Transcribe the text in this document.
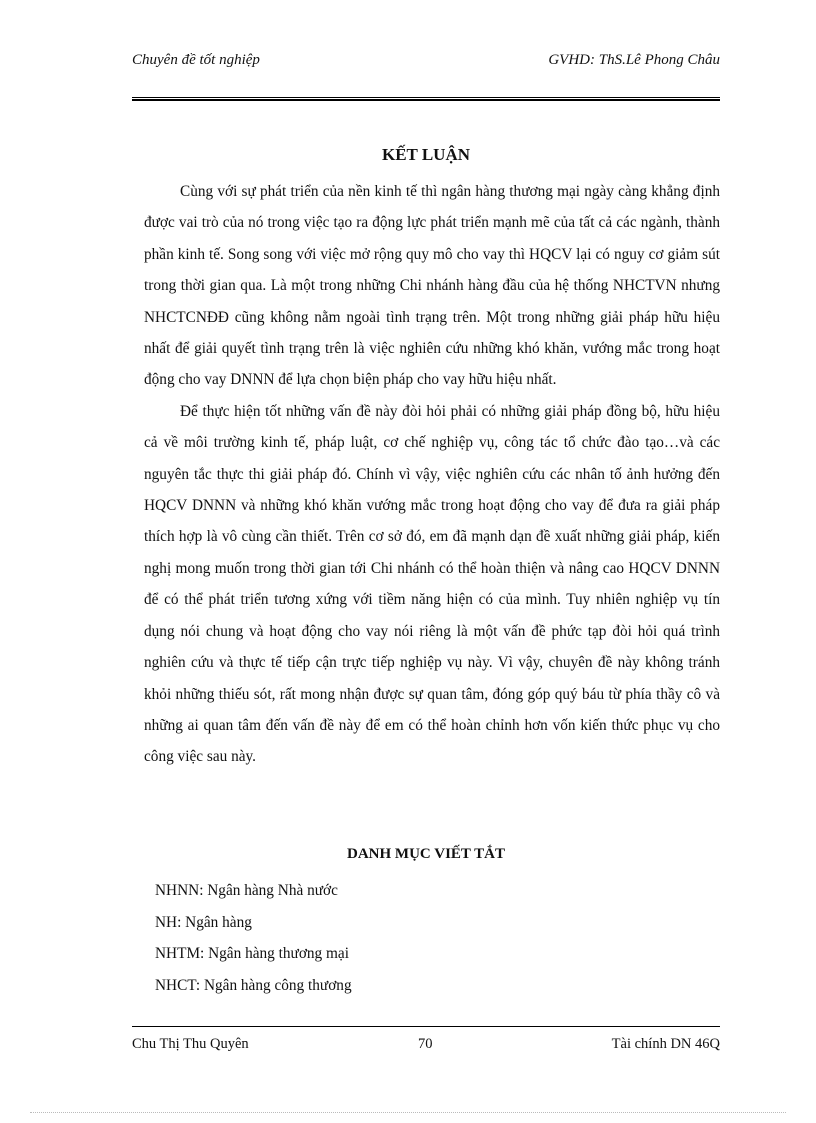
Chuyên đề tốt nghiệp	GVHD: ThS.Lê Phong Châu
KẾT LUẬN

Cùng với sự phát triển của nền kinh tế thì ngân hàng thương mại ngày càng khẳng định được vai trò của nó trong việc tạo ra động lực phát triển mạnh mẽ của tất cả các ngành, thành phần kinh tế. Song song với việc mở rộng quy mô cho vay thì HQCV lại có nguy cơ giảm sút trong thời gian qua. Là một trong những Chi nhánh hàng đầu của hệ thống NHCTVN nhưng NHCTCNĐĐ cũng không nằm ngoài tình trạng trên. Một trong những giải pháp hữu hiệu nhất để giải quyết tình trạng trên là việc nghiên cứu những khó khăn, vướng mắc trong hoạt động cho vay DNNN để lựa chọn biện pháp cho vay hữu hiệu nhất.

Để thực hiện tốt những vấn đề này đòi hỏi phải có những giải pháp đồng bộ, hữu hiệu cả về môi trường kinh tế, pháp luật, cơ chế nghiệp vụ, công tác tổ chức đào tạo…và các nguyên tắc thực thi giải pháp đó. Chính vì vậy, việc nghiên cứu các nhân tố ảnh hưởng đến HQCV DNNN và những khó khăn vướng mắc trong hoạt động cho vay để đưa ra giải pháp thích hợp là vô cùng cần thiết. Trên cơ sở đó, em đã mạnh dạn đề xuất những giải pháp, kiến nghị mong muốn trong thời gian tới Chi nhánh có thể hoàn thiện và nâng cao HQCV DNNN để có thể phát triển tương xứng với tiềm năng hiện có của mình. Tuy nhiên nghiệp vụ tín dụng nói chung và hoạt động cho vay nói riêng là một vấn đề phức tạp đòi hỏi quá trình nghiên cứu và thực tế tiếp cận trực tiếp nghiệp vụ này. Vì vậy, chuyên đề này không tránh khỏi những thiếu sót, rất mong nhận được sự quan tâm, đóng góp quý báu từ phía thầy cô và những ai quan tâm đến vấn đề này để em có thể hoàn chỉnh hơn vốn kiến thức phục vụ cho công việc sau này.

DANH MỤC VIẾT TẮT
NHNN: Ngân hàng Nhà nước
NH: Ngân hàng
NHTM: Ngân hàng thương mại
NHCT: Ngân hàng công thương
Chu Thị Thu Quyên	70	Tài chính DN 46Q
